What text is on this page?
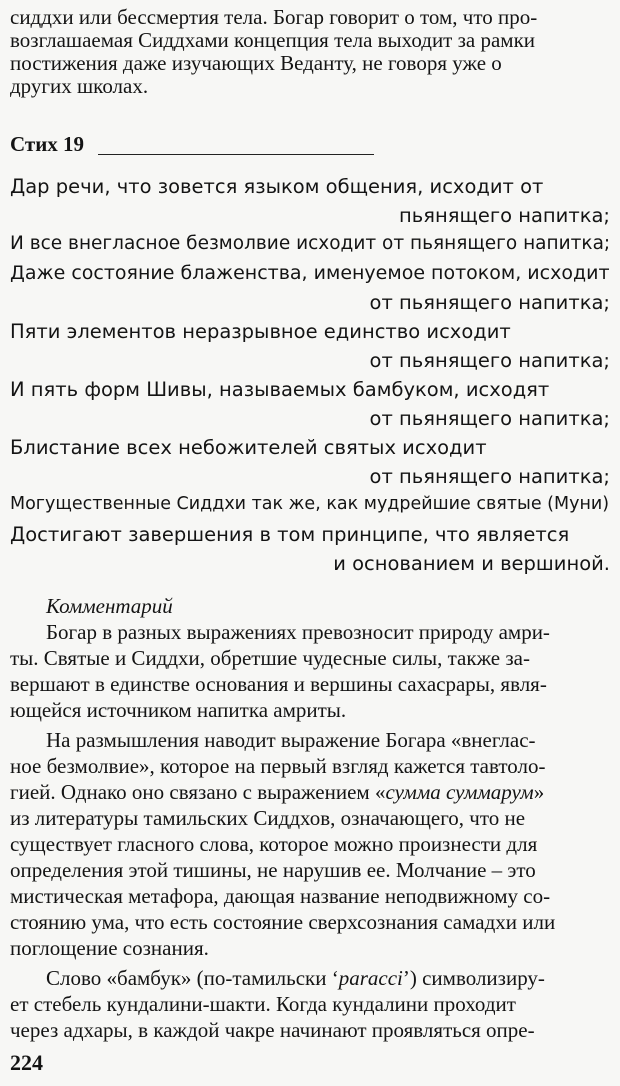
сиддхи или бессмертия тела. Богар говорит о том, что про-
возглашаемая Сиддхами концепция тела выходит за рамки
постижения даже изучающих Веданту, не говоря уже о
других школах.
Стих 19
Дар речи, что зовется языком общения, исходит от
пьянящего напитка;
И все внегласное безмолвие исходит от пьянящего напитка;
Даже состояние блаженства, именуемое потоком, исходит
от пьянящего напитка;
Пяти элементов неразрывное единство исходит
от пьянящего напитка;
И пять форм Шивы, называемых бамбуком, исходят
от пьянящего напитка;
Блистание всех небожителей святых исходит
от пьянящего напитка;
Могущественные Сиддхи так же, как мудрейшие святые (Муни)
Достигают завершения в том принципе, что является
и основанием и вершиной.
Комментарий
Богар в разных выражениях превозносит природу амри-
ты. Святые и Сиддхи, обретшие чудесные силы, также за-
вершают в единстве основания и вершины сахасрары, явля-
ющейся источником напитка амриты.
На размышления наводит выражение Богара «внеглас-
ное безмолвие», которое на первый взгляд кажется тавтоло-
гией. Однако оно связано с выражением «сумма суммарум»
из литературы тамильских Сиддхов, означающего, что не
существует гласного слова, которое можно произнести для
определения этой тишины, не нарушив ее. Молчание – это
мистическая метафора, дающая название неподвижному со-
стоянию ума, что есть состояние сверхсознания самадхи или
поглощение сознания.
Слово «бамбук» (по-тамильски ‘paracci’) символизиру-
ет стебель кундалини-шакти. Когда кундалини проходит
через адхары, в каждой чакре начинают проявляться опре-
224
